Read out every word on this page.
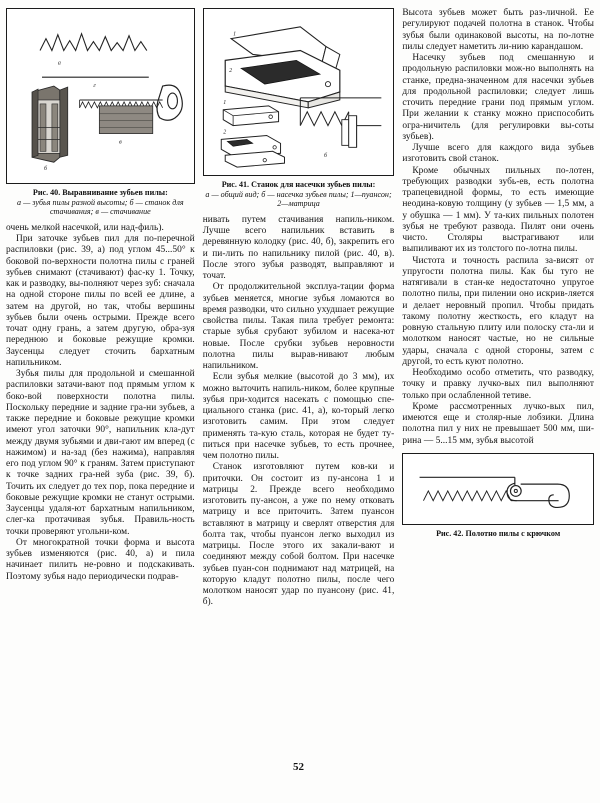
а
г
б
в
Рис. 40. Выравнивание зубьев пилы:
а — зубья пилы разной высоты; б — станок для стачивания; в — стачивание

очень мелкой насечкой, или над-филь).

При заточке зубьев пил для по-перечной распиловки (рис. 39, а) под углом 45...50° к боковой по-верхности полотна пилы с граней зубьев снимают (стачивают) фас-ку 1. Точку, как и разводку, вы-полняют через зуб: сначала на одной стороне пилы по всей ее длине, а затем на другой, но так, чтобы вершины зубьев были очень острыми. Прежде всего точат одну грань, а затем другую, обра-зуя переднюю и боковые режущие кромки. Заусенцы следует сточить бархатным напильником.

Зубья пилы для продольной и смешанной распиловки затачи-вают под прямым углом к боко-вой поверхности полотна пилы. Поскольку передние и задние гра-ни зубьев, а также передние и боковые режущие кромки имеют угол заточки 90°, напильник кла-дут между двумя зубьями и дви-гают им вперед (с нажимом) и на-зад (без нажима), направляя его под углом 90° к граням. Затем приступают к точке задних гра-ней зуба (рис. 39, б). Точить их следует до тех пор, пока передние и боковые режущие кромки не станут острыми. Заусенцы удаля-ют бархатным напильником, слег-ка протачивая зубья. Правиль-ность точки проверяют угольни-ком.

От многократной точки форма и высота зубьев изменяются (рис. 40, а) и пила начинает пилить не-ровно и подскакивать. Поэтому зубья надо периодически подрав-

1
2
1
2
б
Рис. 41. Станок для насечки зубьев пилы:
а — общий вид; б — насечка зубьев пилы; 1—пуансон; 2—матрица

нивать путем стачивания напиль-ником. Лучше всего напильник вставить в деревянную колодку (рис. 40, б), закрепить его и пи-лить по напильнику пилой (рис. 40, в). После этого зубья разводят, выправляют и точат.

От продолжительной эксплуа-тации форма зубьев меняется, многие зубья ломаются во время разводки, что сильно ухудшает режущие свойства пилы. Такая пила требует ремонта: старые зубья срубают зубилом и насека-ют новые. После срубки зубьев неровности полотна пилы вырав-нивают любым напильником.

Если зубья мелкие (высотой до 3 мм), их можно выточить напиль-ником, более крупные зубья при-ходится насекать с помощью спе-циального станка (рис. 41, а), ко-торый легко изготовить самим. При этом следует применять та-кую сталь, которая не будет ту-питься при насечке зубьев, то есть прочнее, чем полотно пилы.

Станок изготовляют путем ков-ки и приточки. Он состоит из пу-ансона 1 и матрицы 2. Прежде всего необходимо изготовить пу-ансон, а уже по нему отковать матрицу и все приточить. Затем пуансон вставляют в матрицу и сверлят отверстия для болта так, чтобы пуансон легко выходил из матрицы. После этого их закали-вают и соединяют между собой болтом. При насечке зубьев пуан-сон поднимают над матрицей, на которую кладут полотно пилы, после чего молотком наносят удар по пуансону (рис. 41, б).

52

Высота зубьев может быть раз-личной. Ее регулируют подачей полотна в станок. Чтобы зубья были одинаковой высоты, на по-лотне пилы следует наметить ли-нию карандашом.

Насечку зубьев под смешанную и продольную распиловки мож-но выполнять на станке, предна-значенном для насечки зубьев для продольной распиловки; следует лишь сточить передние грани под прямым углом. При желании к станку можно приспособить огра-ничитель (для регулировки вы-соты зубьев).

Лучше всего для каждого вида зубьев изготовить свой станок.

Кроме обычных пильных по-лотен, требующих разводки зубь-ев, есть полотна трапецевидной формы, то есть имеющие неодина-ковую толщину (у зубьев — 1,5 мм, а у обушка — 1 мм). У та-ких пильных полотен зубья не требуют развода. Пилят они очень чисто. Столяры выстрагивают или выпиливают их из толстого по-лотна пилы.

Чистота и точность распила за-висят от упругости полотна пилы. Как бы туго не натягивали в стан-ке недостаточно упругое полотно пилы, при пилении оно искрив-ляется и делает неровный пропил. Чтобы придать такому полотну жесткость, его кладут на ровную стальную плиту или полоску ста-ли и молотком наносят частые, но не сильные удары, сначала с одной стороны, затем с другой, то есть куют полотно.

Необходимо особо отметить, что разводку, точку и правку лучко-вых пил выполняют только при ослабленной тетиве.

Кроме рассмотренных лучко-вых пил, имеются еще и столяр-ные лобзики. Длина полотна пил у них не превышает 500 мм, ши-рина — 5...15 мм, зубья высотой

Рис. 42. Полотно пилы с крючком
